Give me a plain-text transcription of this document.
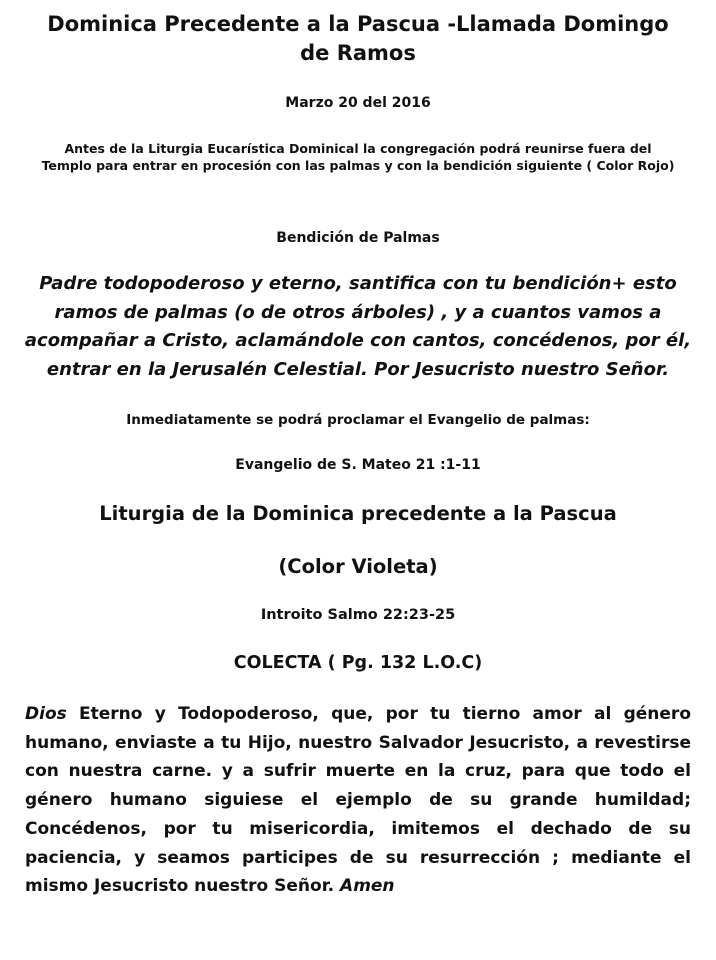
Dominica Precedente a la Pascua -Llamada Domingo de Ramos

Marzo 20 del 2016

Antes de la Liturgia Eucarística Dominical la congregación podrá reunirse fuera del Templo para entrar en procesión con las palmas y con la bendición siguiente ( Color Rojo)

Bendición de Palmas

Padre todopoderoso y eterno, santifica con tu bendición+ esto ramos de palmas (o de otros árboles) , y a cuantos vamos a acompañar a Cristo, aclamándole con cantos, concédenos, por él, entrar en la Jerusalén Celestial. Por Jesucristo nuestro Señor.

Inmediatamente se podrá proclamar el Evangelio de palmas:

Evangelio de S. Mateo 21 :1-11

Liturgia de la Dominica precedente a la Pascua

(Color Violeta)

Introito Salmo 22:23-25

COLECTA ( Pg. 132 L.O.C)

Dios Eterno y Todopoderoso, que, por tu tierno amor al género humano, enviaste a tu Hijo, nuestro Salvador Jesucristo, a revestirse con nuestra carne. y a sufrir muerte en la cruz, para que todo el género humano siguiese el ejemplo de su grande humildad; Concédenos, por tu misericordia, imitemos el dechado de su paciencia, y seamos participes de su resurrección ; mediante el mismo Jesucristo nuestro Señor. Amen
